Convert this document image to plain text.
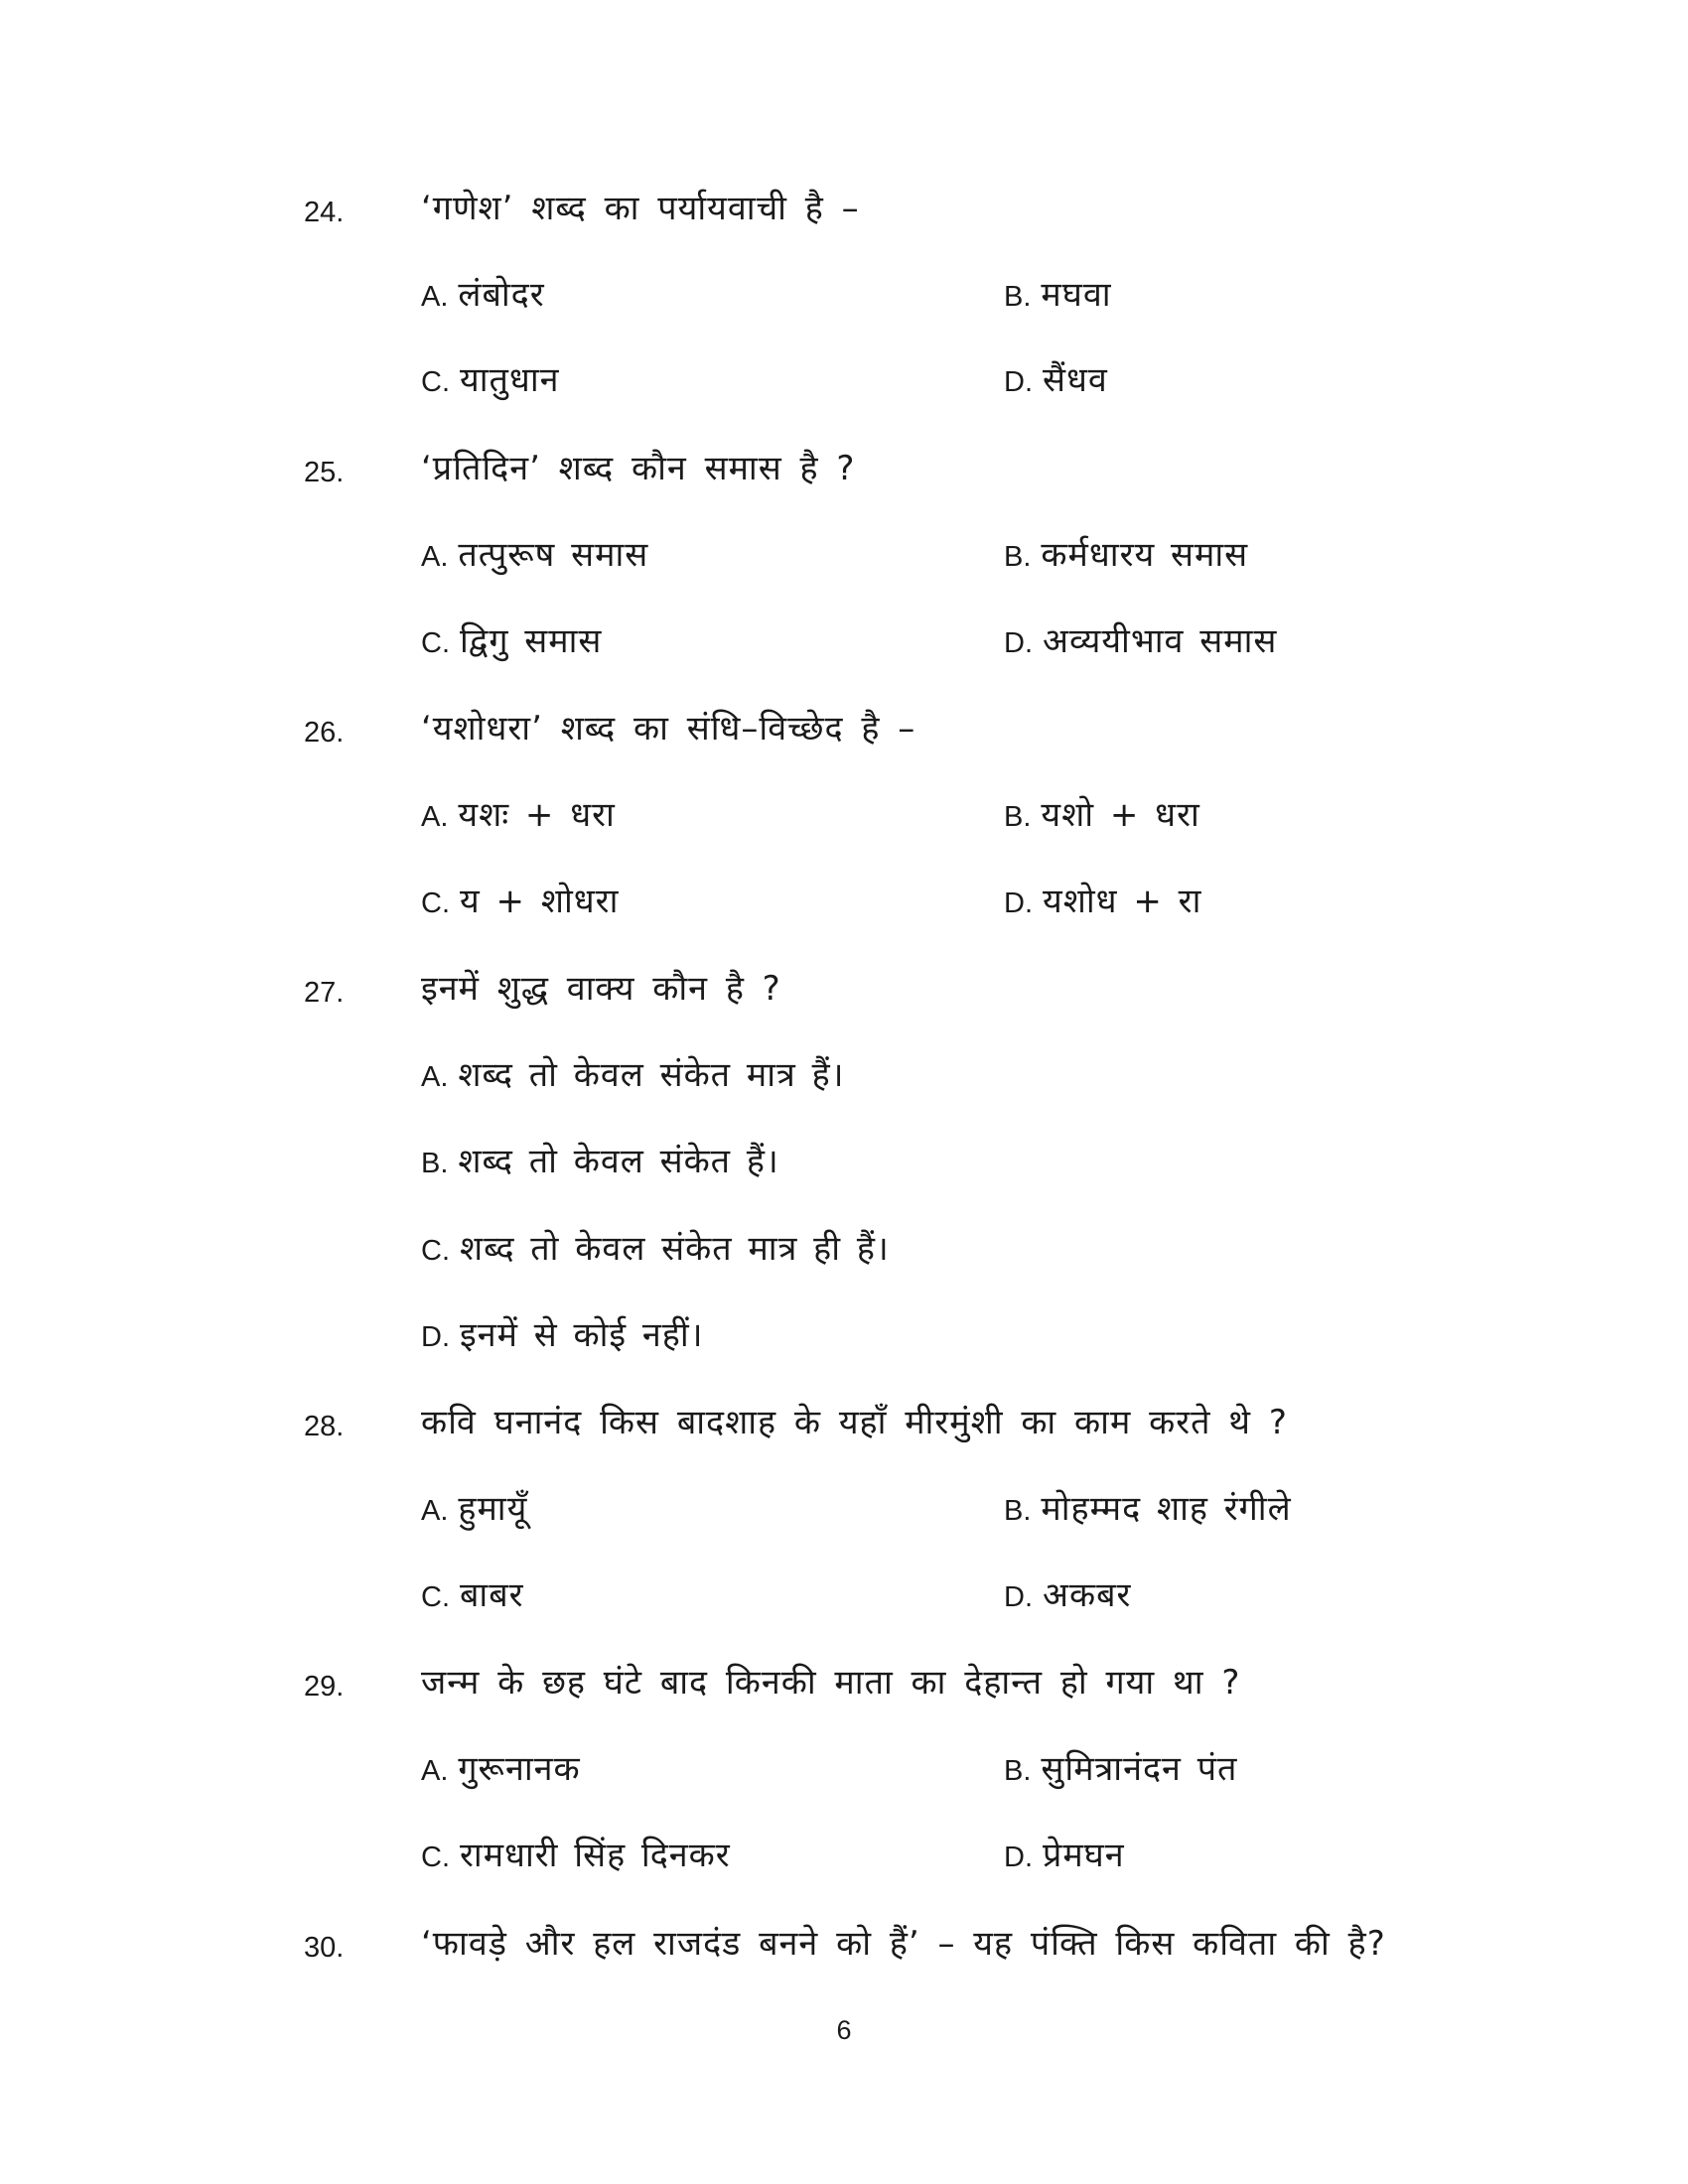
24. ‘गणेश’ शब्द का पर्यायवाची है –
A. लंबोदर	B. मघवा
C. यातुधान	D. सैंधव
25. ‘प्रतिदिन’ शब्द कौन समास है ?
A. तत्पुरूष समास	B. कर्मधारय समास
C. द्विगु समास	D. अव्ययीभाव समास
26. ‘यशोधरा’ शब्द का संधि–विच्छेद है –
A. यशः + धरा	B. यशो + धरा
C. य + शोधरा	D. यशोध + रा
27. इनमें शुद्ध वाक्य कौन है ?
A. शब्द तो केवल संकेत मात्र हैं।
B. शब्द तो केवल संकेत हैं।
C. शब्द तो केवल संकेत मात्र ही हैं।
D. इनमें से कोई नहीं।
28. कवि घनानंद किस बादशाह के यहाँ मीरमुंशी का काम करते थे ?
A. हुमायूँ	B. मोहम्मद शाह रंगीले
C. बाबर	D. अकबर
29. जन्म के छह घंटे बाद किनकी माता का देहान्त हो गया था ?
A. गुरूनानक	B. सुमित्रानंदन पंत
C. रामधारी सिंह दिनकर	D. प्रेमघन
30. ‘फावड़े और हल राजदंड बनने को हैं’ – यह पंक्ति किस कविता की है?
6
